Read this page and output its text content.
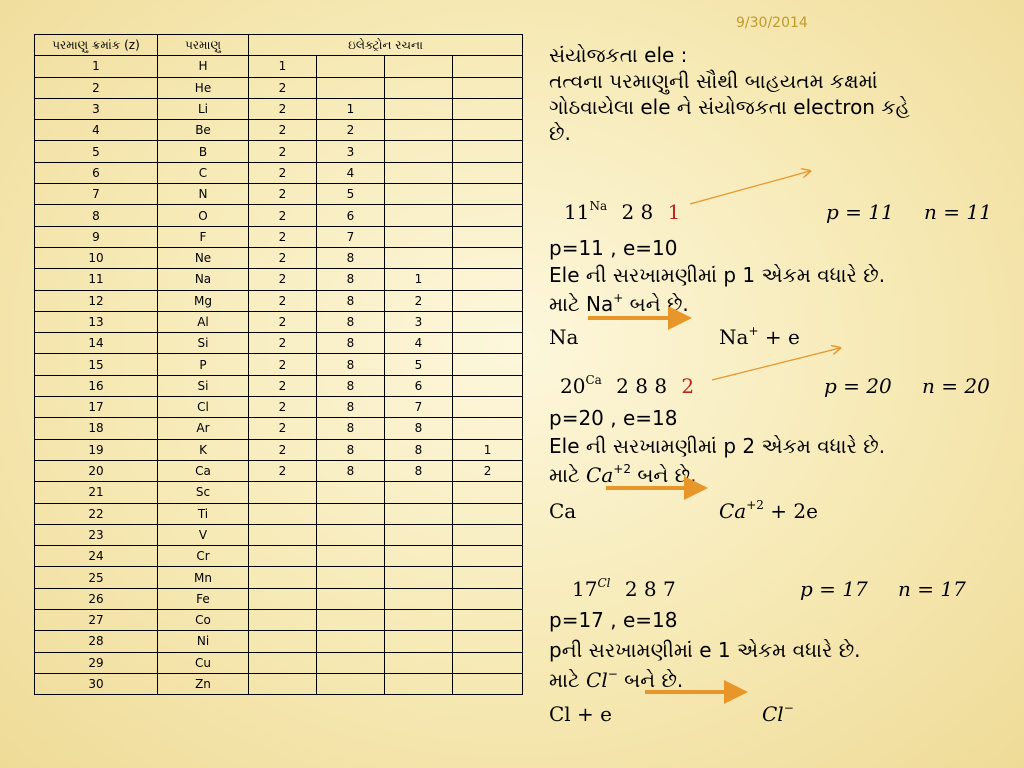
9/30/2014
પરમાણુ ક્રમાંક (z)	પરમાણુ	ઇલેક્ટ્રોન રચના			
1	H	1			
2	He	2			
3	Li	2	1		
4	Be	2	2		
5	B	2	3		
6	C	2	4		
7	N	2	5		
8	O	2	6		
9	F	2	7		
10	Ne	2	8		
11	Na	2	8	1	
12	Mg	2	8	2	
13	Al	2	8	3	
14	Si	2	8	4	
15	P	2	8	5	
16	Si	2	8	6	
17	Cl	2	8	7	
18	Ar	2	8	8	
19	K	2	8	8	1
20	Ca	2	8	8	2
21	Sc				
22	Ti				
23	V				
24	Cr				
25	Mn				
26	Fe				
27	Co				
28	Ni				
29	Cu				
30	Zn				
સંયોજકતા ele :
તત્વના પરમાણુની સૌથી બાહયતમ કક્ષમાં
ગોઠવાયેલા ele ને સંયોજકતા electron કહે
છે.
$11^{Na}$ 2 8 1	p = 11 n = 11
p=11 , e=10
Ele ની સરખામણીમાં p 1 એકમ વધારે છે.
માટે Na+ બને છે.
Na	Na+ + e
$20^{Ca}$ 2 8 8 2	p = 20 n = 20
p=20 , e=18
Ele ની સરખામણીમાં p 2 એકમ વધારે છે.
માટે $Ca^{+2}$ બને છે.
Ca	$Ca^{+2} + 2e$
$17^{Cl}$ 2 8 7	p = 17 n = 17
p=17 , e=18
pની સરખામણીમાં e 1 એકમ વધારે છે.
માટે Cl− બને છે.
Cl + e	Cl−
